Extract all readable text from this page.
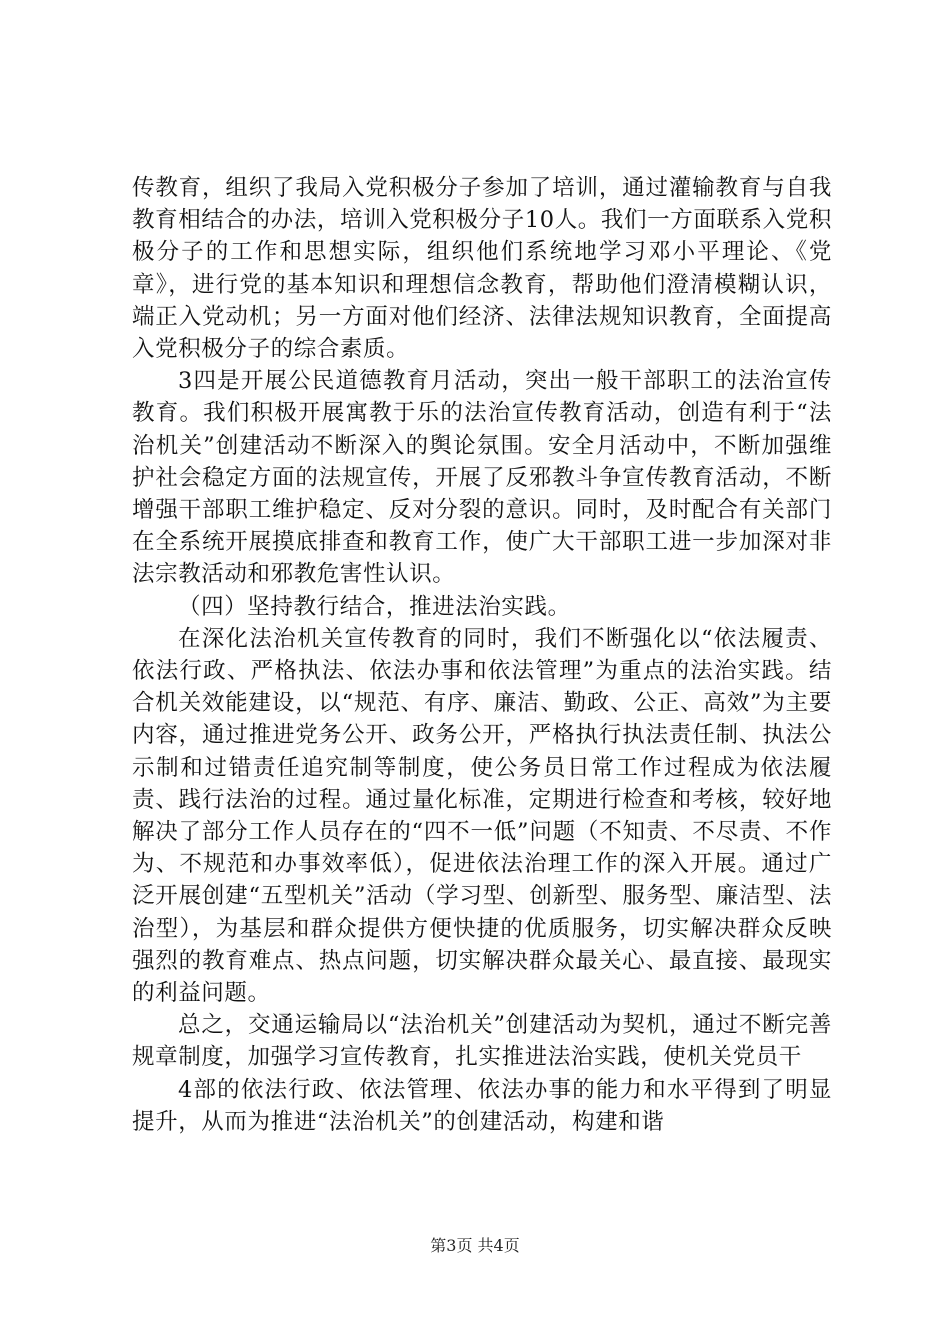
传教育，组织了我局入党积极分子参加了培训，通过灌输教育与自我教育相结合的办法，培训入党积极分子10人。我们一方面联系入党积极分子的工作和思想实际，组织他们系统地学习邓小平理论、《党章》，进行党的基本知识和理想信念教育，帮助他们澄清模糊认识，端正入党动机；另一方面对他们经济、法律法规知识教育，全面提高入党积极分子的综合素质。

3四是开展公民道德教育月活动，突出一般干部职工的法治宣传教育。我们积极开展寓教于乐的法治宣传教育活动，创造有利于“法治机关”创建活动不断深入的舆论氛围。安全月活动中，不断加强维护社会稳定方面的法规宣传，开展了反邪教斗争宣传教育活动，不断增强干部职工维护稳定、反对分裂的意识。同时，及时配合有关部门在全系统开展摸底排查和教育工作，使广大干部职工进一步加深对非法宗教活动和邪教危害性认识。

（四）坚持教行结合，推进法治实践。

在深化法治机关宣传教育的同时，我们不断强化以“依法履责、依法行政、严格执法、依法办事和依法管理”为重点的法治实践。结合机关效能建设，以“规范、有序、廉洁、勤政、公正、高效”为主要内容，通过推进党务公开、政务公开，严格执行执法责任制、执法公示制和过错责任追究制等制度，使公务员日常工作过程成为依法履责、践行法治的过程。通过量化标准，定期进行检查和考核，较好地解决了部分工作人员存在的“四不一低”问题（不知责、不尽责、不作为、不规范和办事效率低），促进依法治理工作的深入开展。通过广泛开展创建“五型机关”活动（学习型、创新型、服务型、廉洁型、法治型），为基层和群众提供方便快捷的优质服务，切实解决群众反映强烈的教育难点、热点问题，切实解决群众最关心、最直接、最现实的利益问题。

总之，交通运输局以“法治机关”创建活动为契机，通过不断完善规章制度，加强学习宣传教育，扎实推进法治实践，使机关党员干

4部的依法行政、依法管理、依法办事的能力和水平得到了明显提升，从而为推进“法治机关”的创建活动，构建和谐

第3页 共4页
